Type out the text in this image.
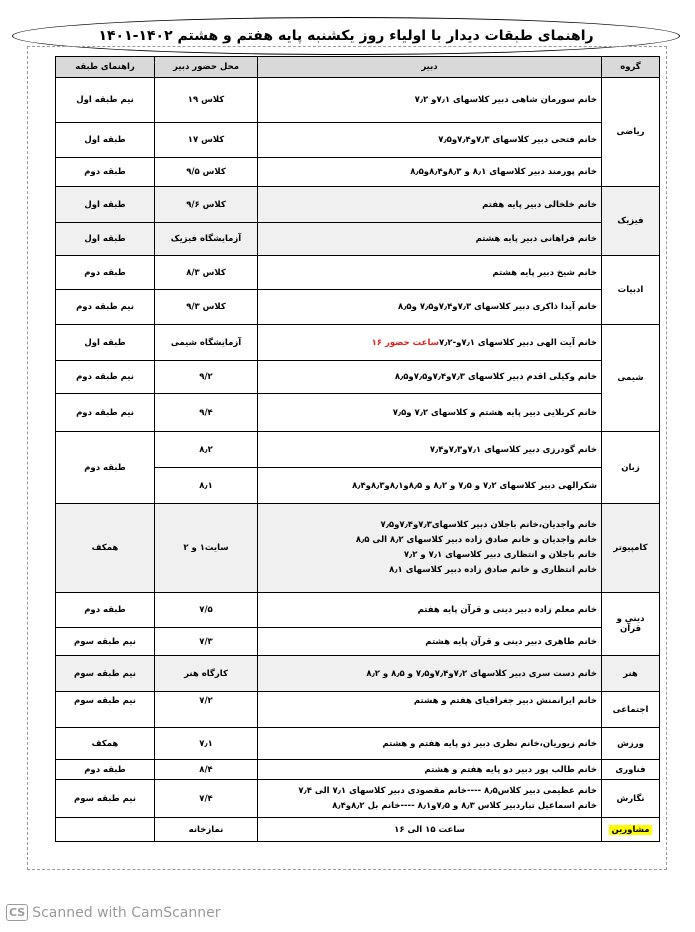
راهنمای طبقات دیدار با اولیاء روز یکشنبه پایه هفتم و هشتم ۱۴۰۲-۱۴۰۱
گروه	دبیر	محل حضور دبیر	راهنمای طبقه
ریاضی	خانم سورمان شاهی دبیر کلاسهای ۷٫۱و ۷٫۲	کلاس ۱۹	نیم طبقه اول
	خانم فتحی دبیر کلاسهای ۷٫۳و۷٫۴و۷٫۵	کلاس ۱۷	طبقه اول
	خانم پورمند دبیر کلاسهای ۸٫۱ و ۸٫۳و۸٫۴و۸٫۵	کلاس ۹/۵	طبقه دوم
فیزیک	خانم خلخالی دبیر پایه هفتم	کلاس ۹/۶	طبقه اول
	خانم فراهانی دبیر پایه هشتم	آزمایشگاه فیزیک	طبقه اول
ادبیات	خانم شیخ دبیر پایه هشتم	کلاس ۸/۳	طبقه دوم
	خانم آیدا ذاکری دبیر کلاسهای ۷٫۳و۷٫۴و۷٫۵ و۸٫۵	کلاس ۹/۳	نیم طبقه دوم
شیمی	خانم آیت الهی دبیر کلاسهای ۷٫۱و-۷٫۲ساعت حضور ۱۶	آزمایشگاه شیمی	طبقه اول
	خانم وکیلی اقدم دبیر کلاسهای ۷٫۳و۷٫۴و۷٫۵و۸٫۵	۹/۲	نیم طبقه دوم
	خانم کربلایی دبیر پایه هشتم و کلاسهای ۷٫۲ و۷٫۵	۹/۴	نیم طبقه دوم
زبان	خانم گودرزی دبیر کلاسهای ۷٫۱و۷٫۳و۷٫۴	۸٫۲	طبقه دوم
	شکرالهی دبیر کلاسهای ۷٫۲ و ۷٫۵ و ۸٫۲ و ۸٫۵و۸٫۱و۸٫۳و۸٫۴	۸٫۱	
کامپیوتر	خانم واجدیان،خانم باجلان دبیر کلاسهای۷٫۳و۷٫۴و۷٫۵
خانم واجدیان و خانم صادق زاده دبیر کلاسهای ۸٫۲ الی ۸٫۵
خانم باجلان و انتظاری دبیر کلاسهای ۷٫۱ و ۷٫۲
خانم انتظاری و خانم صادق زاده دبیر کلاسهای ۸٫۱	سایت۱ و ۲	همکف
دینی و قرآن	خانم معلم زاده دبیر دینی و قرآن پایه هفتم	۷/۵	طبقه دوم
	خانم طاهری دبیر دینی و قرآن پایه هشتم	۷/۳	نیم طبقه سوم
هنر	خانم دست سری دبیر کلاسهای ۷٫۲و۷٫۴و۷٫۵ و ۸٫۵ و ۸٫۲	کارگاه هنر	نیم طبقه سوم
اجتماعی	خانم ایرانمنش دبیر جغرافیای هفتم و هشتم	۷/۲	نیم طبقه سوم
ورزش	خانم زیوریان،خانم نظری دبیر دو پایه هفتم و هشتم	۷٫۱	همکف
فناوری	خانم طالب پور دبیر دو پایه هفتم و هشتم	۸/۴	طبقه دوم
نگارش	خانم عظیمی دبیر کلاس۸٫۵ ----خانم مقصودی دبیر کلاسهای ۷٫۱ الی ۷٫۴
خانم اسماعیل تباردبیر کلاس ۸٫۳ و ۷٫۵و۸٫۱ ----خانم بل ۸٫۲و۸٫۴	۷/۴	نیم طبقه سوم
مشاورین	ساعت ۱۵ الی ۱۶	نمازخانه	
CS Scanned with CamScanner
